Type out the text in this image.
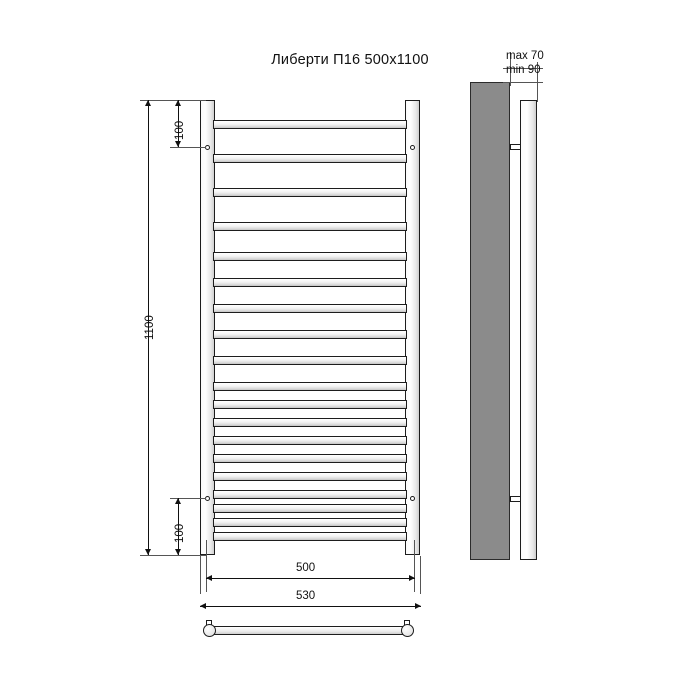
Либерти П16 500x1100
1100
100
100
500
530
max 70
min 90
